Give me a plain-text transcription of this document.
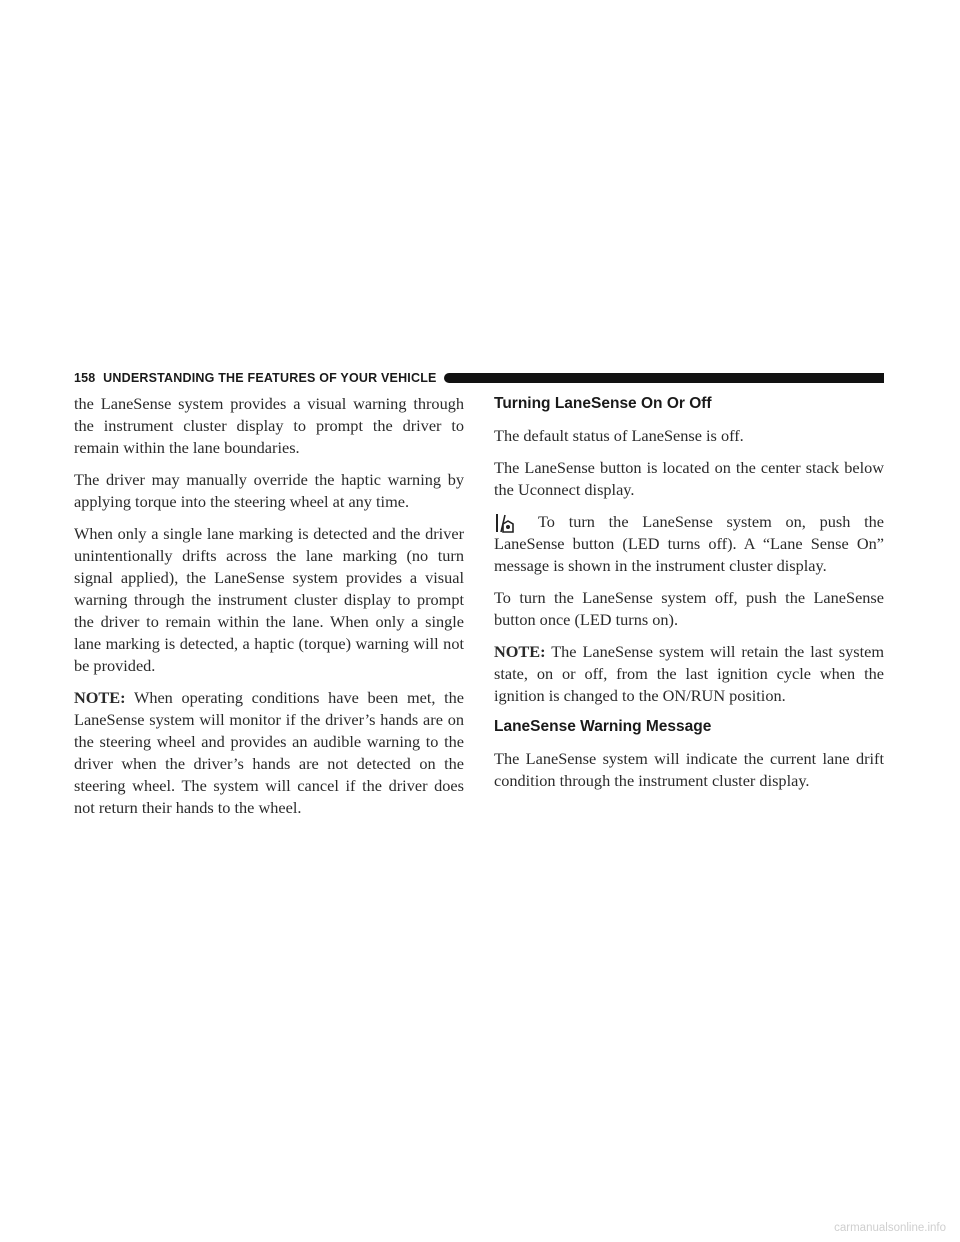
158 UNDERSTANDING THE FEATURES OF YOUR VEHICLE

the LaneSense system provides a visual warning through the instrument cluster display to prompt the driver to remain within the lane boundaries.

The driver may manually override the haptic warning by applying torque into the steering wheel at any time.

When only a single lane marking is detected and the driver unintentionally drifts across the lane marking (no turn signal applied), the LaneSense system provides a visual warning through the instrument cluster display to prompt the driver to remain within the lane. When only a single lane marking is detected, a haptic (torque) warning will not be provided.

NOTE: When operating conditions have been met, the LaneSense system will monitor if the driver’s hands are on the steering wheel and provides an audible warning to the driver when the driver’s hands are not detected on the steering wheel. The system will cancel if the driver does not return their hands to the wheel.

Turning LaneSense On Or Off

The default status of LaneSense is off.

The LaneSense button is located on the center stack below the Uconnect display.

To turn the LaneSense system on, push the LaneSense button (LED turns off). A “Lane Sense On” message is shown in the instrument cluster display.

To turn the LaneSense system off, push the LaneSense button once (LED turns on).

NOTE: The LaneSense system will retain the last system state, on or off, from the last ignition cycle when the ignition is changed to the ON/RUN position.

LaneSense Warning Message

The LaneSense system will indicate the current lane drift condition through the instrument cluster display.

carmanualsonline.info
